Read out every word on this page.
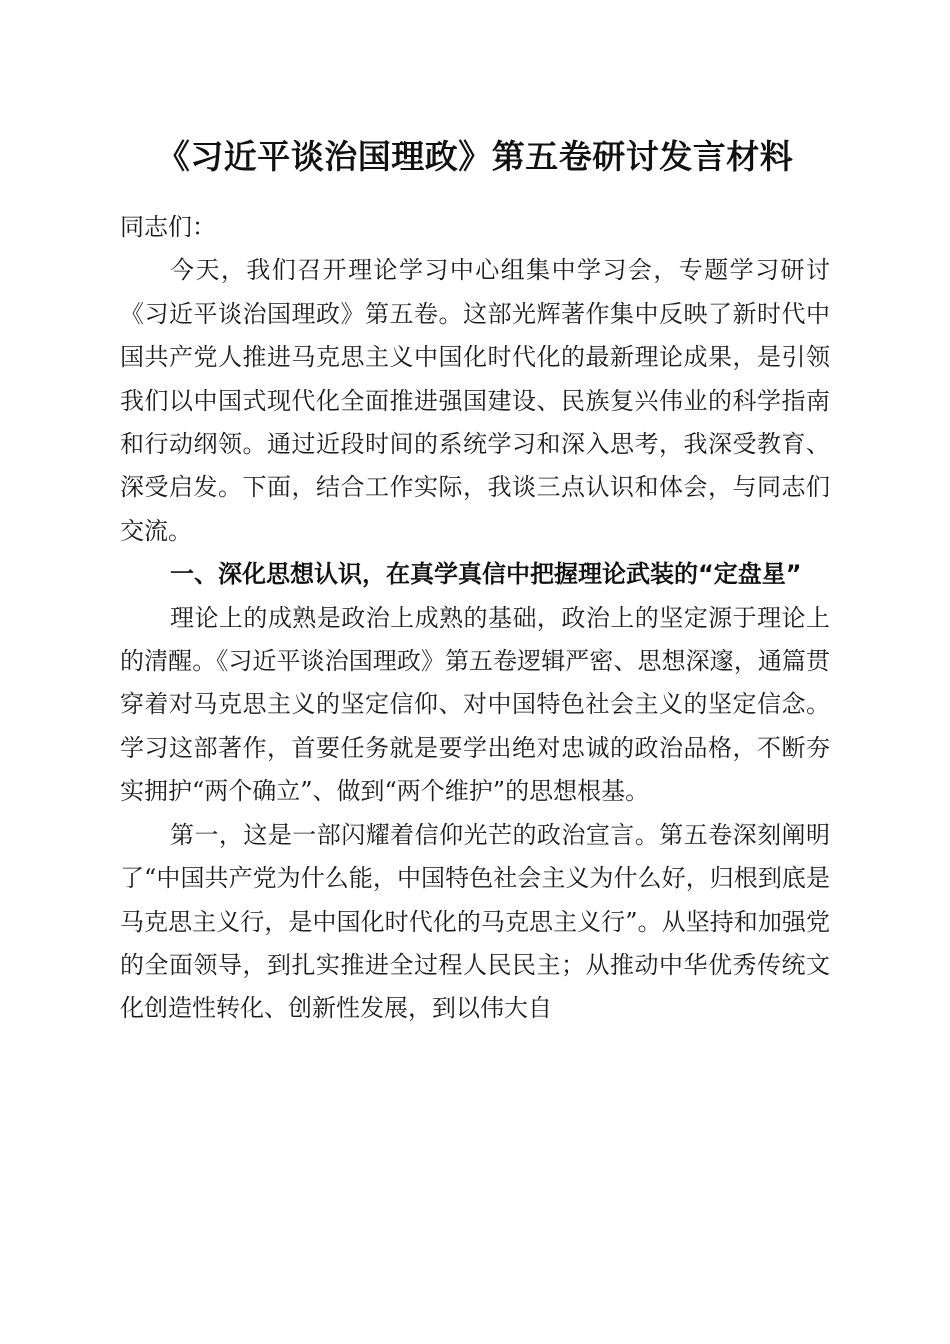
《习近平谈治国理政》第五卷研讨发言材料

同志们：

今天，我们召开理论学习中心组集中学习会，专题学习研讨《习近平谈治国理政》第五卷。这部光辉著作集中反映了新时代中国共产党人推进马克思主义中国化时代化的最新理论成果，是引领我们以中国式现代化全面推进强国建设、民族复兴伟业的科学指南和行动纲领。通过近段时间的系统学习和深入思考，我深受教育、深受启发。下面，结合工作实际，我谈三点认识和体会，与同志们交流。

一、深化思想认识，在真学真信中把握理论武装的“定盘星”

理论上的成熟是政治上成熟的基础，政治上的坚定源于理论上的清醒。《习近平谈治国理政》第五卷逻辑严密、思想深邃，通篇贯穿着对马克思主义的坚定信仰、对中国特色社会主义的坚定信念。学习这部著作，首要任务就是要学出绝对忠诚的政治品格，不断夯实拥护“两个确立”、做到“两个维护”的思想根基。

第一，这是一部闪耀着信仰光芒的政治宣言。第五卷深刻阐明了“中国共产党为什么能，中国特色社会主义为什么好，归根到底是马克思主义行，是中国化时代化的马克思主义行”。从坚持和加强党的全面领导，到扎实推进全过程人民民主；从推动中华优秀传统文化创造性转化、创新性发展，到以伟大自
